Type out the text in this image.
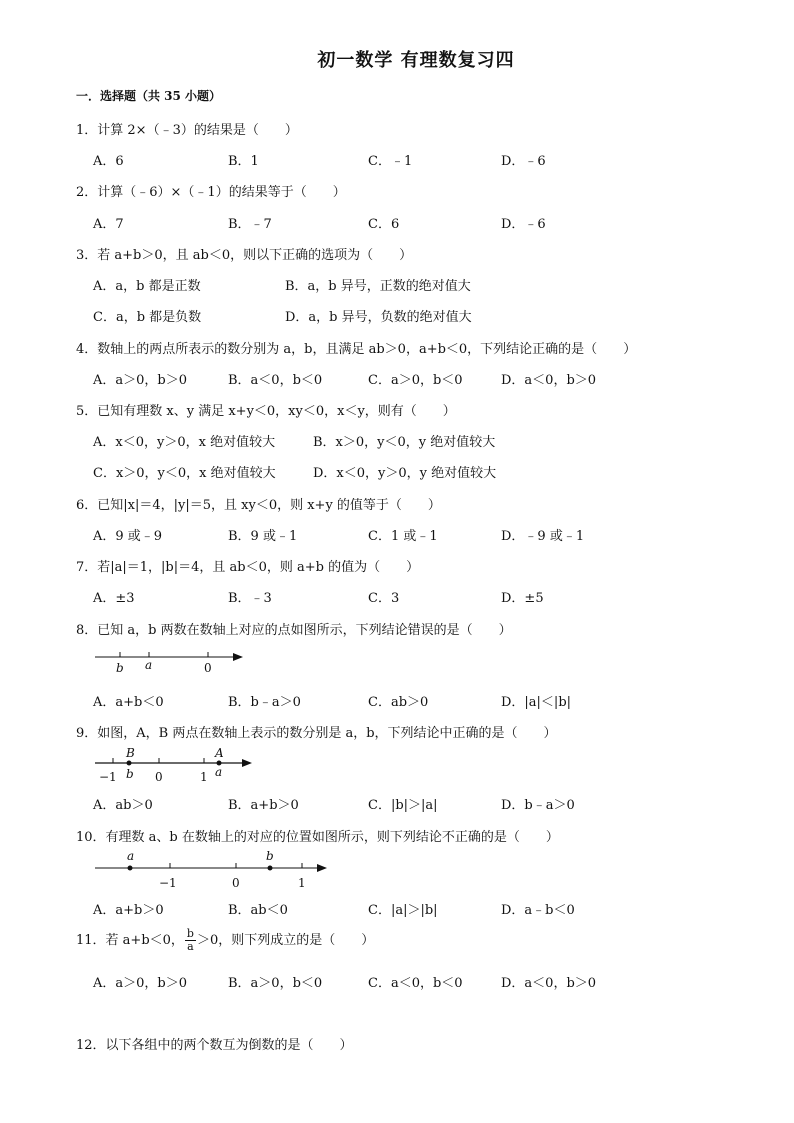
初一数学 有理数复习四
一．选择题（共 35 小题）
1．计算 2×（﹣3）的结果是（　　）
A．6	B．1	C．﹣1	D．﹣6
2．计算（﹣6）×（﹣1）的结果等于（　　）
A．7	B．﹣7	C．6	D．﹣6
3．若 a+b＞0，且 ab＜0，则以下正确的选项为（　　）
A．a，b 都是正数	B．a，b 异号，正数的绝对值大
C．a，b 都是负数	D．a，b 异号，负数的绝对值大
4．数轴上的两点所表示的数分别为 a，b，且满足 ab＞0，a+b＜0，下列结论正确的是（　　）
A．a＞0，b＞0	B．a＜0，b＜0	C．a＞0，b＜0	D．a＜0，b＞0
5．已知有理数 x、y 满足 x+y＜0，xy＜0，x＜y，则有（　　）
A．x＜0，y＞0，x 绝对值较大	B．x＞0，y＜0，y 绝对值较大
C．x＞0，y＜0，x 绝对值较大	D．x＜0，y＞0，y 绝对值较大
6．已知|x|＝4，|y|＝5，且 xy＜0，则 x+y 的值等于（　　）
A．9 或﹣9	B．9 或﹣1	C．1 或﹣1	D．﹣9 或﹣1
7．若|a|＝1，|b|＝4，且 ab＜0，则 a+b 的值为（　　）
A．±3	B．﹣3	C．3	D．±5
8．已知 a，b 两数在数轴上对应的点如图所示，下列结论错误的是（　　）
b a	0
A．a+b＜0	B．b﹣a＞0	C．ab＞0	D．|a|＜|b|
9．如图，A，B 两点在数轴上表示的数分别是 a，b，下列结论中正确的是（　　）
B	A
b	a
−1	0	1
A．ab＞0	B．a+b＞0	C．|b|＞|a|	D．b﹣a＞0
10．有理数 a、b 在数轴上的对应的位置如图所示，则下列结论不正确的是（　　）
a	b
−1	0	1
A．a+b＞0	B．ab＜0	C．|a|＞|b|	D．a﹣b＜0
11．若 a+b＜0， $\frac{b}{a} >0$，则下列成立的是（　　）
A．a＞0，b＞0	B．a＞0，b＜0	C．a＜0，b＜0	D．a＜0，b＞0
12．以下各组中的两个数互为倒数的是（　　）
